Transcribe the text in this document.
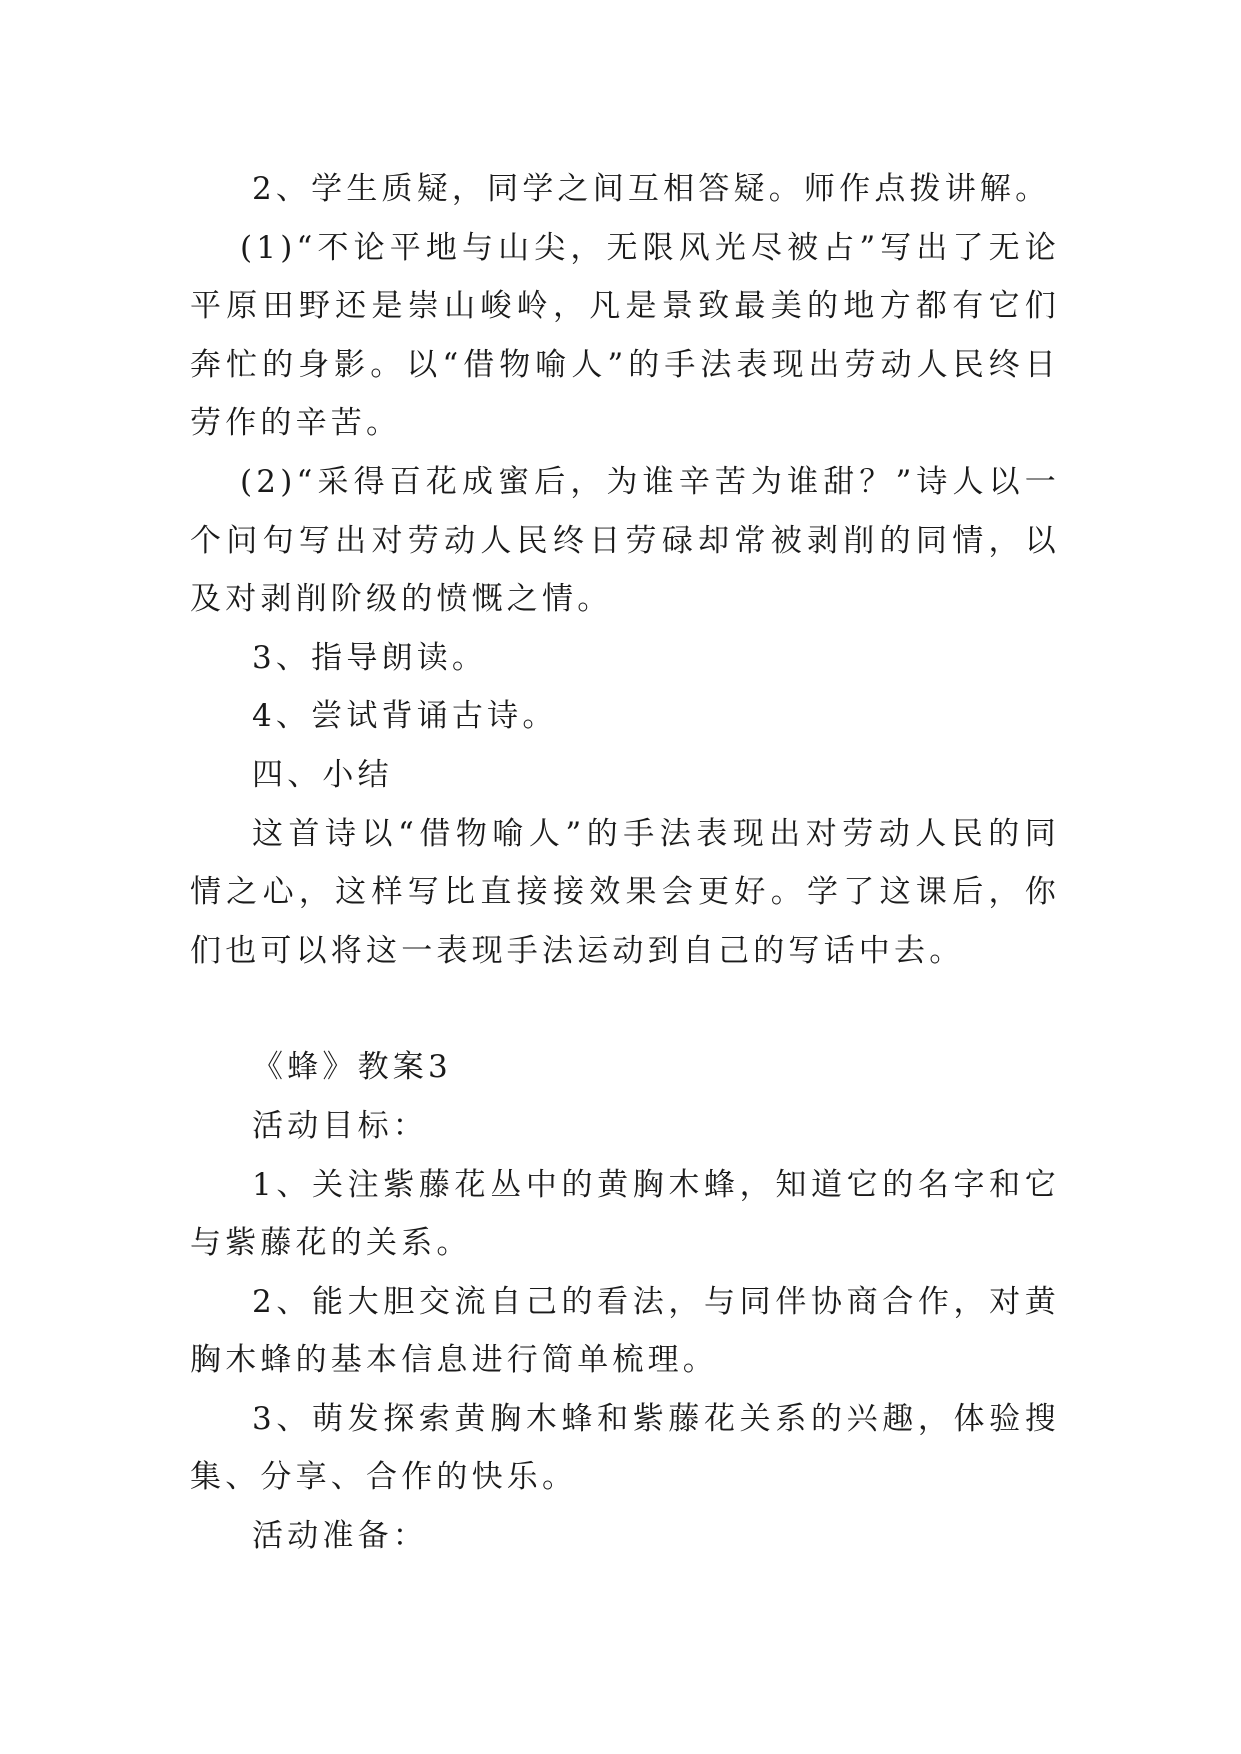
2、学生质疑，同学之间互相答疑。师作点拨讲解。

(1)“不论平地与山尖，无限风光尽被占”写出了无论平原田野还是崇山峻岭，凡是景致最美的地方都有它们奔忙的身影。以“借物喻人”的手法表现出劳动人民终日劳作的辛苦。

(2)“采得百花成蜜后，为谁辛苦为谁甜？”诗人以一个问句写出对劳动人民终日劳碌却常被剥削的同情，以及对剥削阶级的愤慨之情。

3、指导朗读。

4、尝试背诵古诗。

四、小结

这首诗以“借物喻人”的手法表现出对劳动人民的同情之心，这样写比直接接效果会更好。学了这课后，你们也可以将这一表现手法运动到自己的写话中去。

《蜂》教案3

活动目标：

1、关注紫藤花丛中的黄胸木蜂，知道它的名字和它与紫藤花的关系。

2、能大胆交流自己的看法，与同伴协商合作，对黄胸木蜂的基本信息进行简单梳理。

3、萌发探索黄胸木蜂和紫藤花关系的兴趣，体验搜集、分享、合作的快乐。

活动准备：
